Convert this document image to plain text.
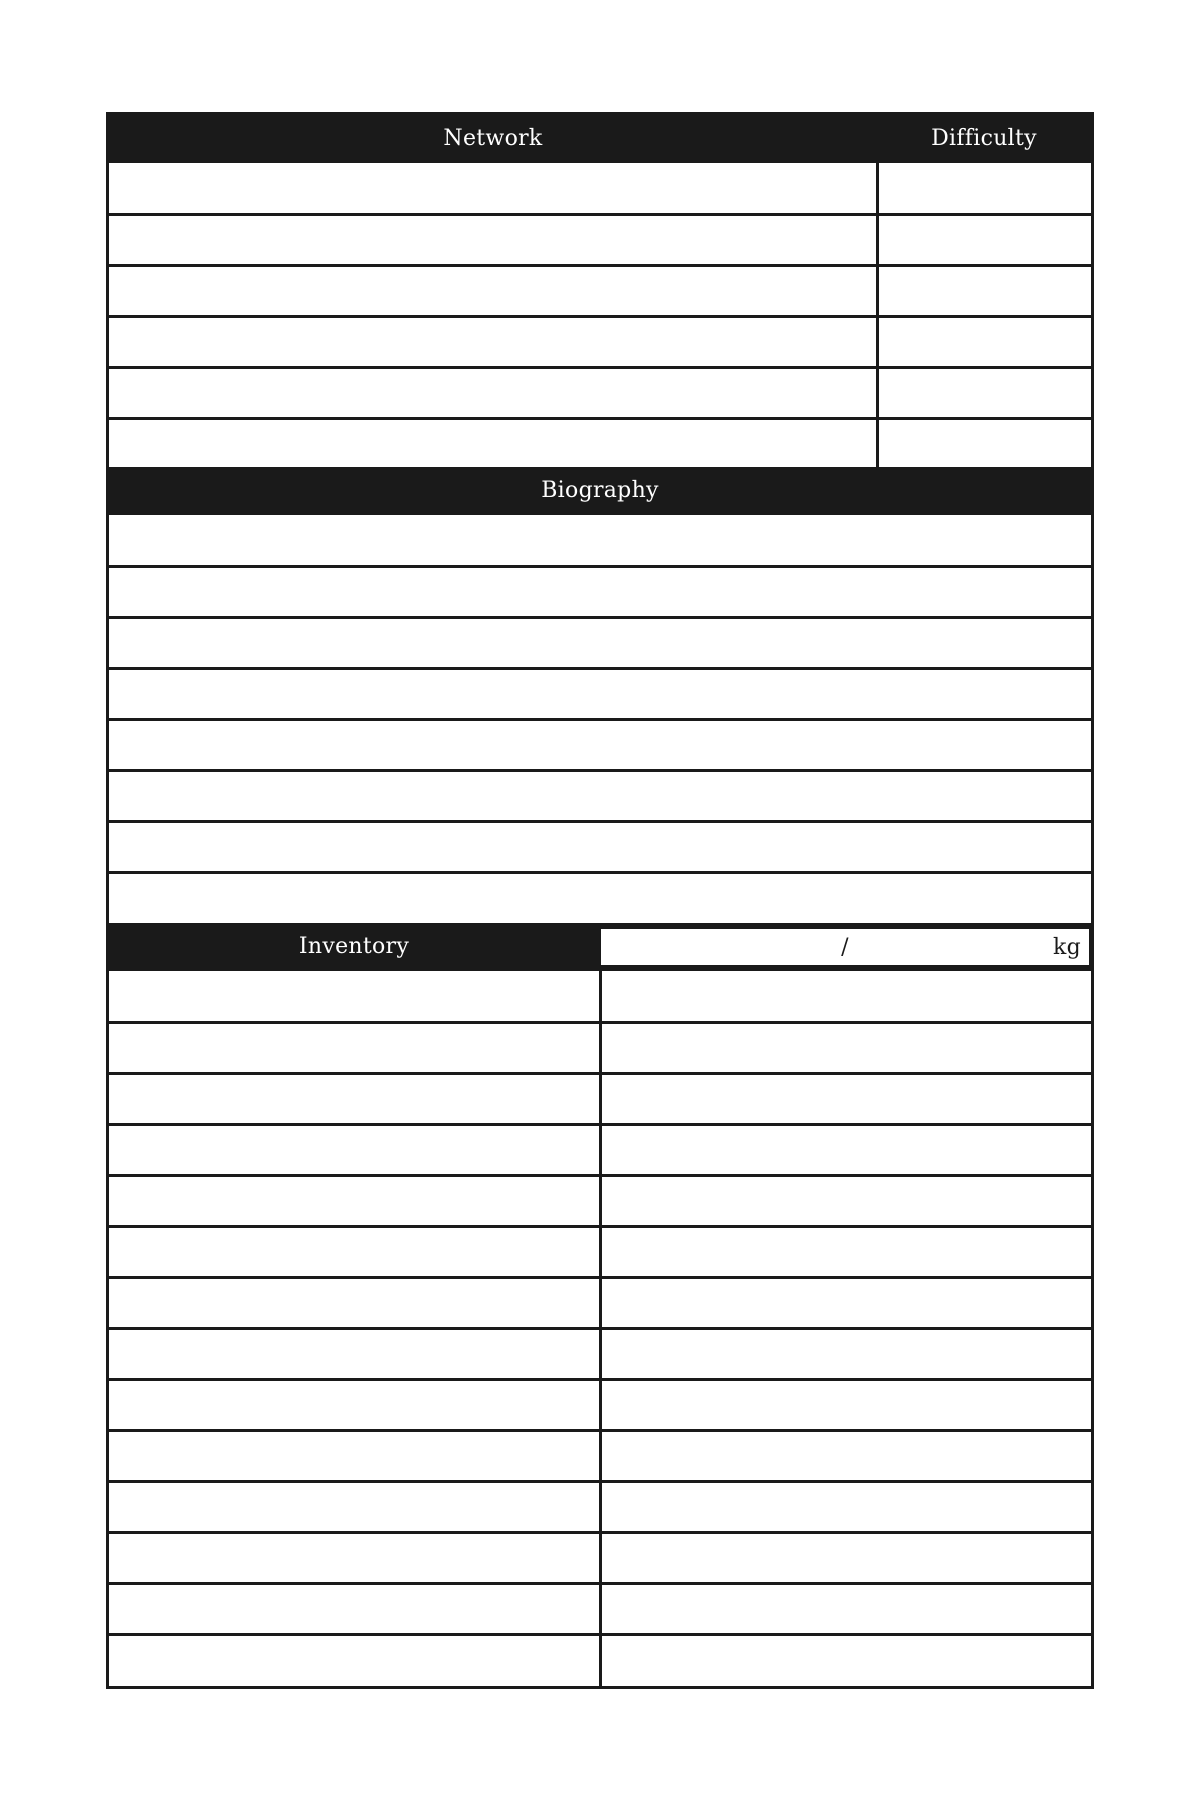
Network	Difficulty
Biography
Inventory	/	kg
